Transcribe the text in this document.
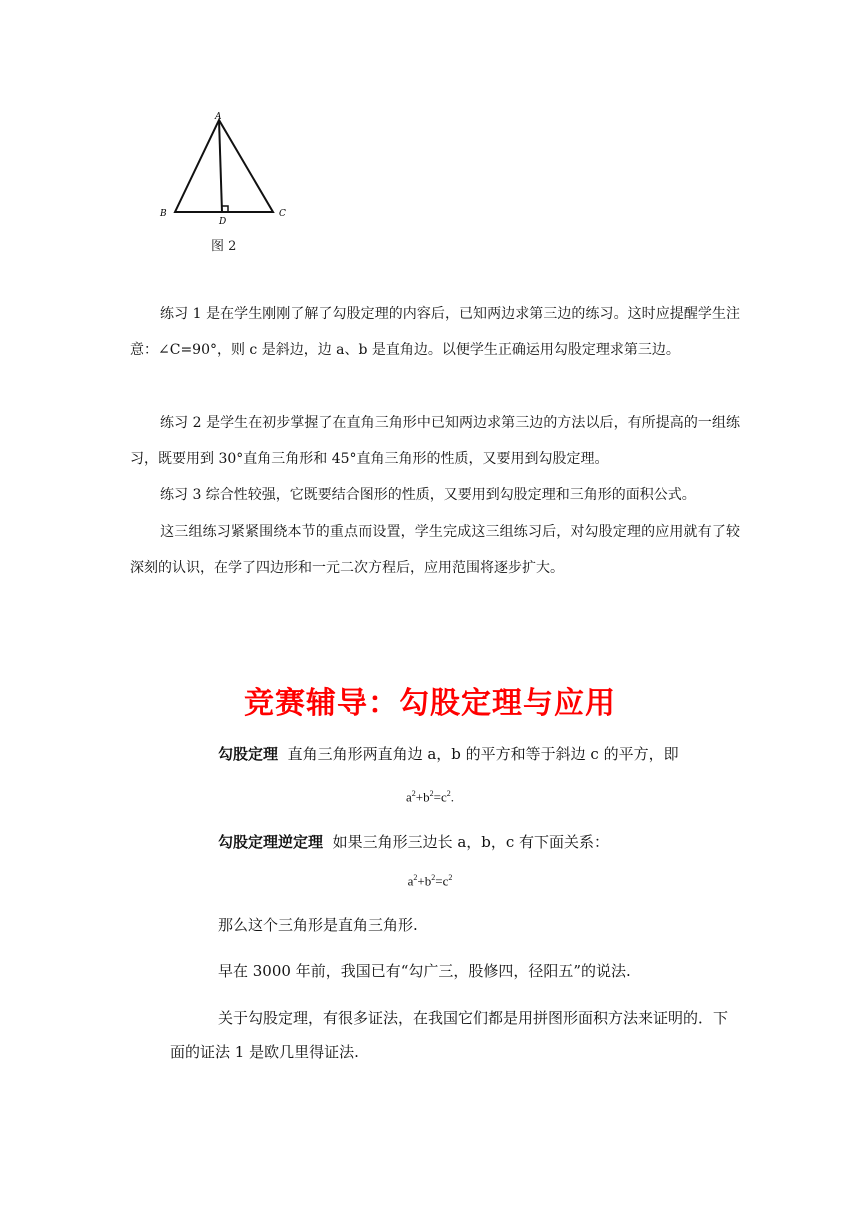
A
B	C
D
图 2

练习 1 是在学生刚刚了解了勾股定理的内容后，已知两边求第三边的练习。这时应提醒学生注意：∠C=90°，则 c 是斜边，边 a、b 是直角边。以便学生正确运用勾股定理求第三边。

练习 2 是学生在初步掌握了在直角三角形中已知两边求第三边的方法以后，有所提高的一组练习，既要用到 30°直角三角形和 45°直角三角形的性质，又要用到勾股定理。

练习 3 综合性较强，它既要结合图形的性质，又要用到勾股定理和三角形的面积公式。

这三组练习紧紧围绕本节的重点而设置，学生完成这三组练习后，对勾股定理的应用就有了较深刻的认识，在学了四边形和一元二次方程后，应用范围将逐步扩大。

竞赛辅导：勾股定理与应用

勾股定理 直角三角形两直角边 a，b 的平方和等于斜边 c 的平方，即

$a^2+b^2=c^2$.

勾股定理逆定理 如果三角形三边长 a，b，c 有下面关系：

$a^2+b^2=c^2$

那么这个三角形是直角三角形.

早在 3000 年前，我国已有“勾广三，股修四，径阳五”的说法.

关于勾股定理，有很多证法，在我国它们都是用拼图形面积方法来证明的．下面的证法 1 是欧几里得证法.
